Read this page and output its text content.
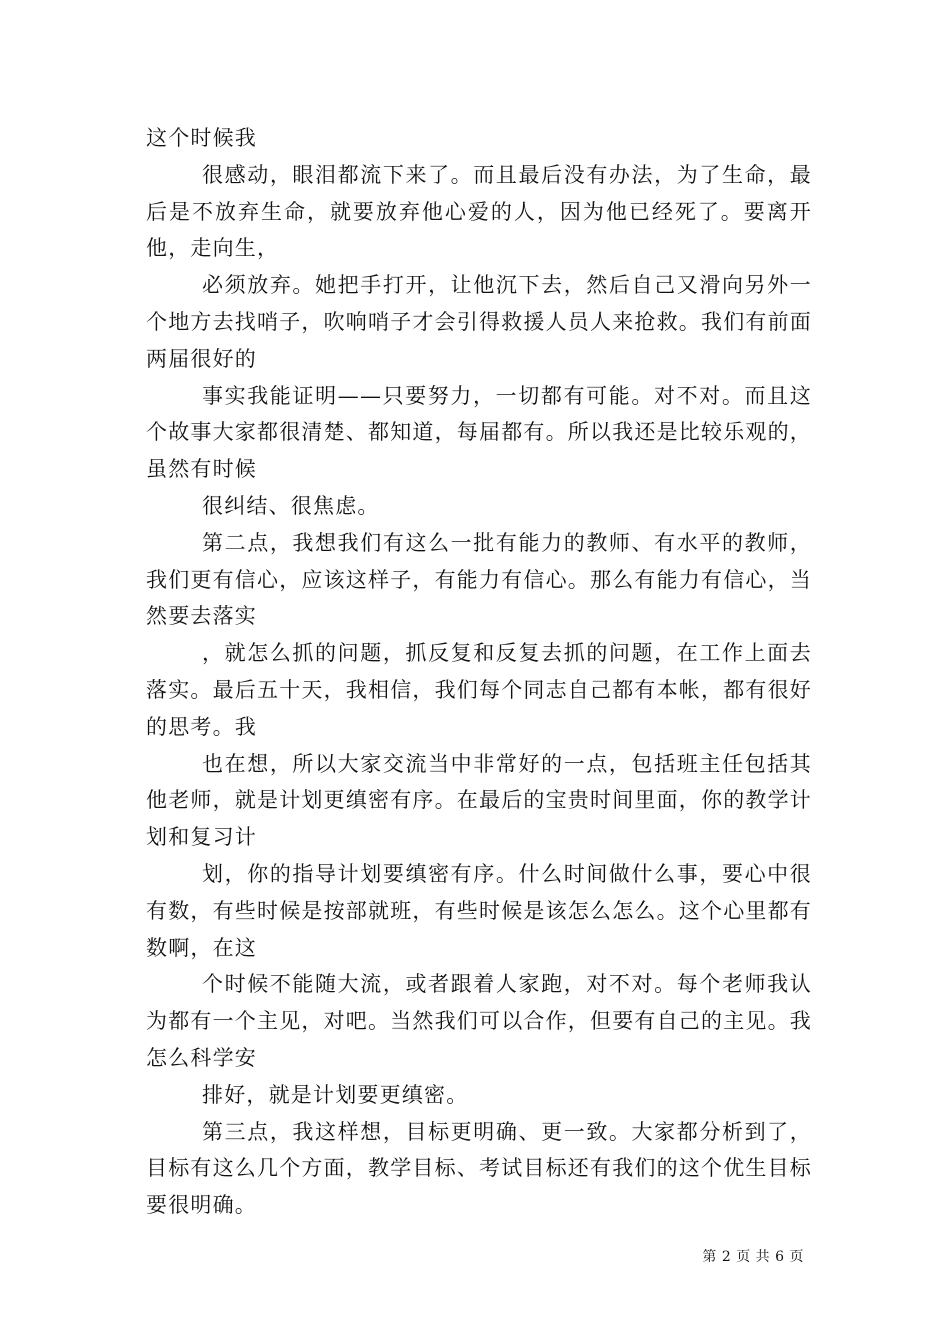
这个时候我

很感动，眼泪都流下来了。而且最后没有办法，为了生命，最后是不放弃生命，就要放弃他心爱的人，因为他已经死了。要离开他，走向生，

必须放弃。她把手打开，让他沉下去，然后自己又滑向另外一个地方去找哨子，吹响哨子才会引得救援人员人来抢救。我们有前面两届很好的

事实我能证明——只要努力，一切都有可能。对不对。而且这个故事大家都很清楚、都知道，每届都有。所以我还是比较乐观的，虽然有时候

很纠结、很焦虑。

第二点，我想我们有这么一批有能力的教师、有水平的教师，我们更有信心，应该这样子，有能力有信心。那么有能力有信心，当然要去落实

，就怎么抓的问题，抓反复和反复去抓的问题，在工作上面去落实。最后五十天，我相信，我们每个同志自己都有本帐，都有很好的思考。我

也在想，所以大家交流当中非常好的一点，包括班主任包括其他老师，就是计划更缜密有序。在最后的宝贵时间里面，你的教学计划和复习计

划，你的指导计划要缜密有序。什么时间做什么事，要心中很有数，有些时候是按部就班，有些时候是该怎么怎么。这个心里都有数啊，在这

个时候不能随大流，或者跟着人家跑，对不对。每个老师我认为都有一个主见，对吧。当然我们可以合作，但要有自己的主见。我怎么科学安

排好，就是计划要更缜密。

第三点，我这样想，目标更明确、更一致。大家都分析到了，目标有这么几个方面，教学目标、考试目标还有我们的这个优生目标要很明确。

第 2 页 共 6 页
